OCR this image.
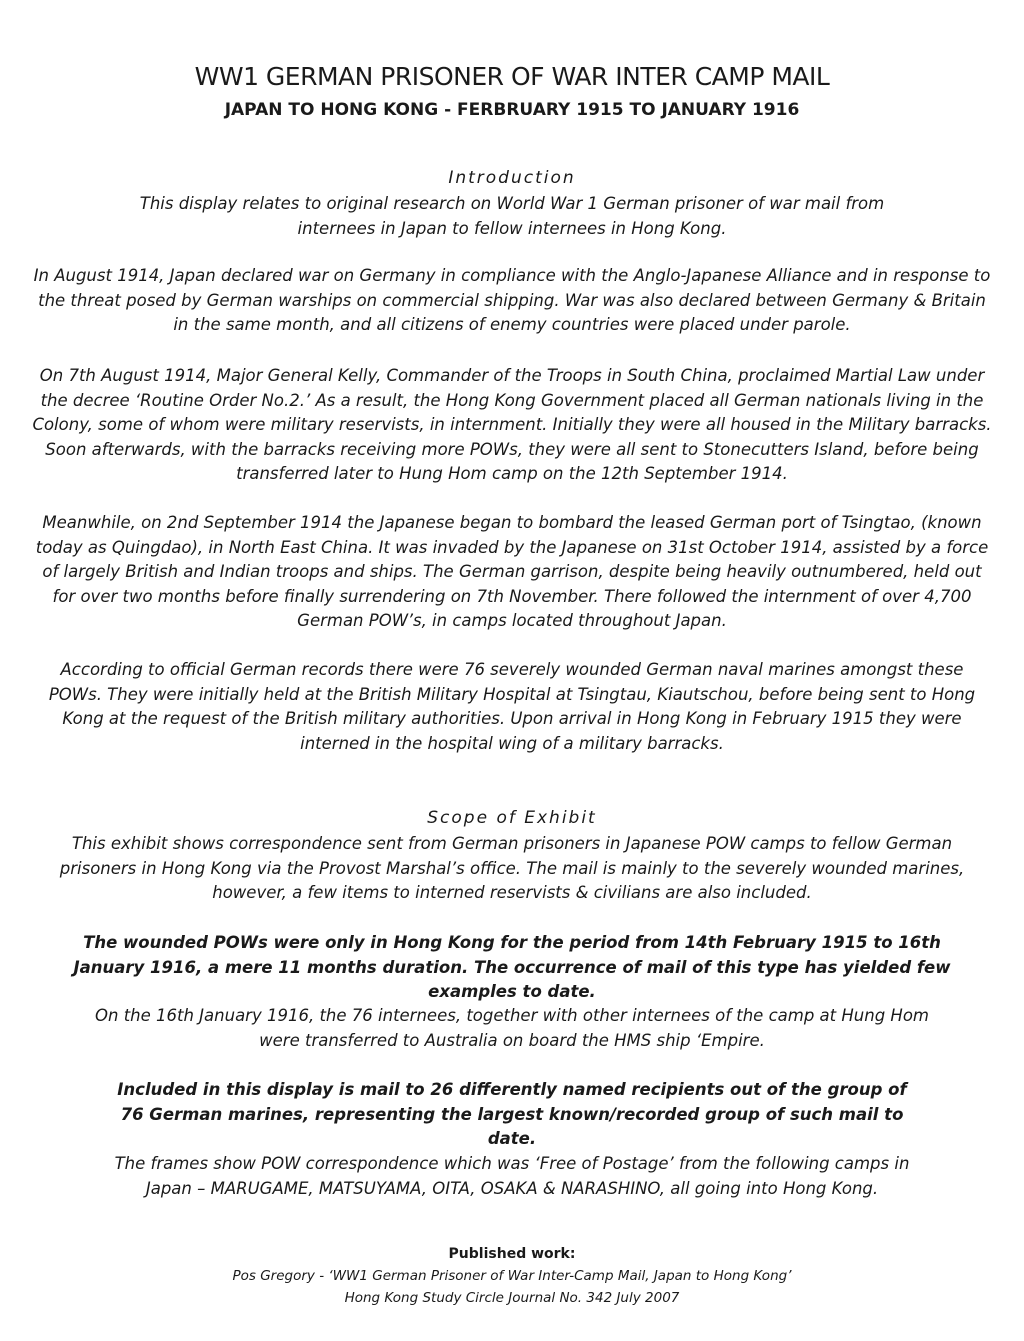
WW1 GERMAN PRISONER OF WAR INTER CAMP MAIL
JAPAN TO HONG KONG - FERBRUARY 1915 TO JANUARY 1916

Introduction

This display relates to original research on World War 1 German prisoner of war mail from internees in Japan to fellow internees in Hong Kong.

In August 1914, Japan declared war on Germany in compliance with the Anglo-Japanese Alliance and in response to the threat posed by German warships on commercial shipping. War was also declared between Germany & Britain in the same month, and all citizens of enemy countries were placed under parole.

On 7th August 1914, Major General Kelly, Commander of the Troops in South China, proclaimed Martial Law under the decree ‘Routine Order No.2.’ As a result, the Hong Kong Government placed all German nationals living in the Colony, some of whom were military reservists, in internment. Initially they were all housed in the Military barracks. Soon afterwards, with the barracks receiving more POWs, they were all sent to Stonecutters Island, before being transferred later to Hung Hom camp on the 12th September 1914.

Meanwhile, on 2nd September 1914 the Japanese began to bombard the leased German port of Tsingtao, (known today as Quingdao), in North East China. It was invaded by the Japanese on 31st October 1914, assisted by a force of largely British and Indian troops and ships. The German garrison, despite being heavily outnumbered, held out for over two months before finally surrendering on 7th November. There followed the internment of over 4,700 German POW’s, in camps located throughout Japan.

According to official German records there were 76 severely wounded German naval marines amongst these POWs. They were initially held at the British Military Hospital at Tsingtau, Kiautschou, before being sent to Hong Kong at the request of the British military authorities. Upon arrival in Hong Kong in February 1915 they were interned in the hospital wing of a military barracks.

Scope of Exhibit

This exhibit shows correspondence sent from German prisoners in Japanese POW camps to fellow German prisoners in Hong Kong via the Provost Marshal’s office. The mail is mainly to the severely wounded marines, however, a few items to interned reservists & civilians are also included.

The wounded POWs were only in Hong Kong for the period from 14th February 1915 to 16th January 1916, a mere 11 months duration. The occurrence of mail of this type has yielded few examples to date.

On the 16th January 1916, the 76 internees, together with other internees of the camp at Hung Hom were transferred to Australia on board the HMS ship ‘Empire.

Included in this display is mail to 26 differently named recipients out of the group of 76 German marines, representing the largest known/recorded group of such mail to date.

The frames show POW correspondence which was ‘Free of Postage’ from the following camps in Japan – MARUGAME, MATSUYAMA, OITA, OSAKA & NARASHINO, all going into Hong Kong.

Published work:

Pos Gregory - ‘WW1 German Prisoner of War Inter-Camp Mail, Japan to Hong Kong’

Hong Kong Study Circle Journal No. 342 July 2007
